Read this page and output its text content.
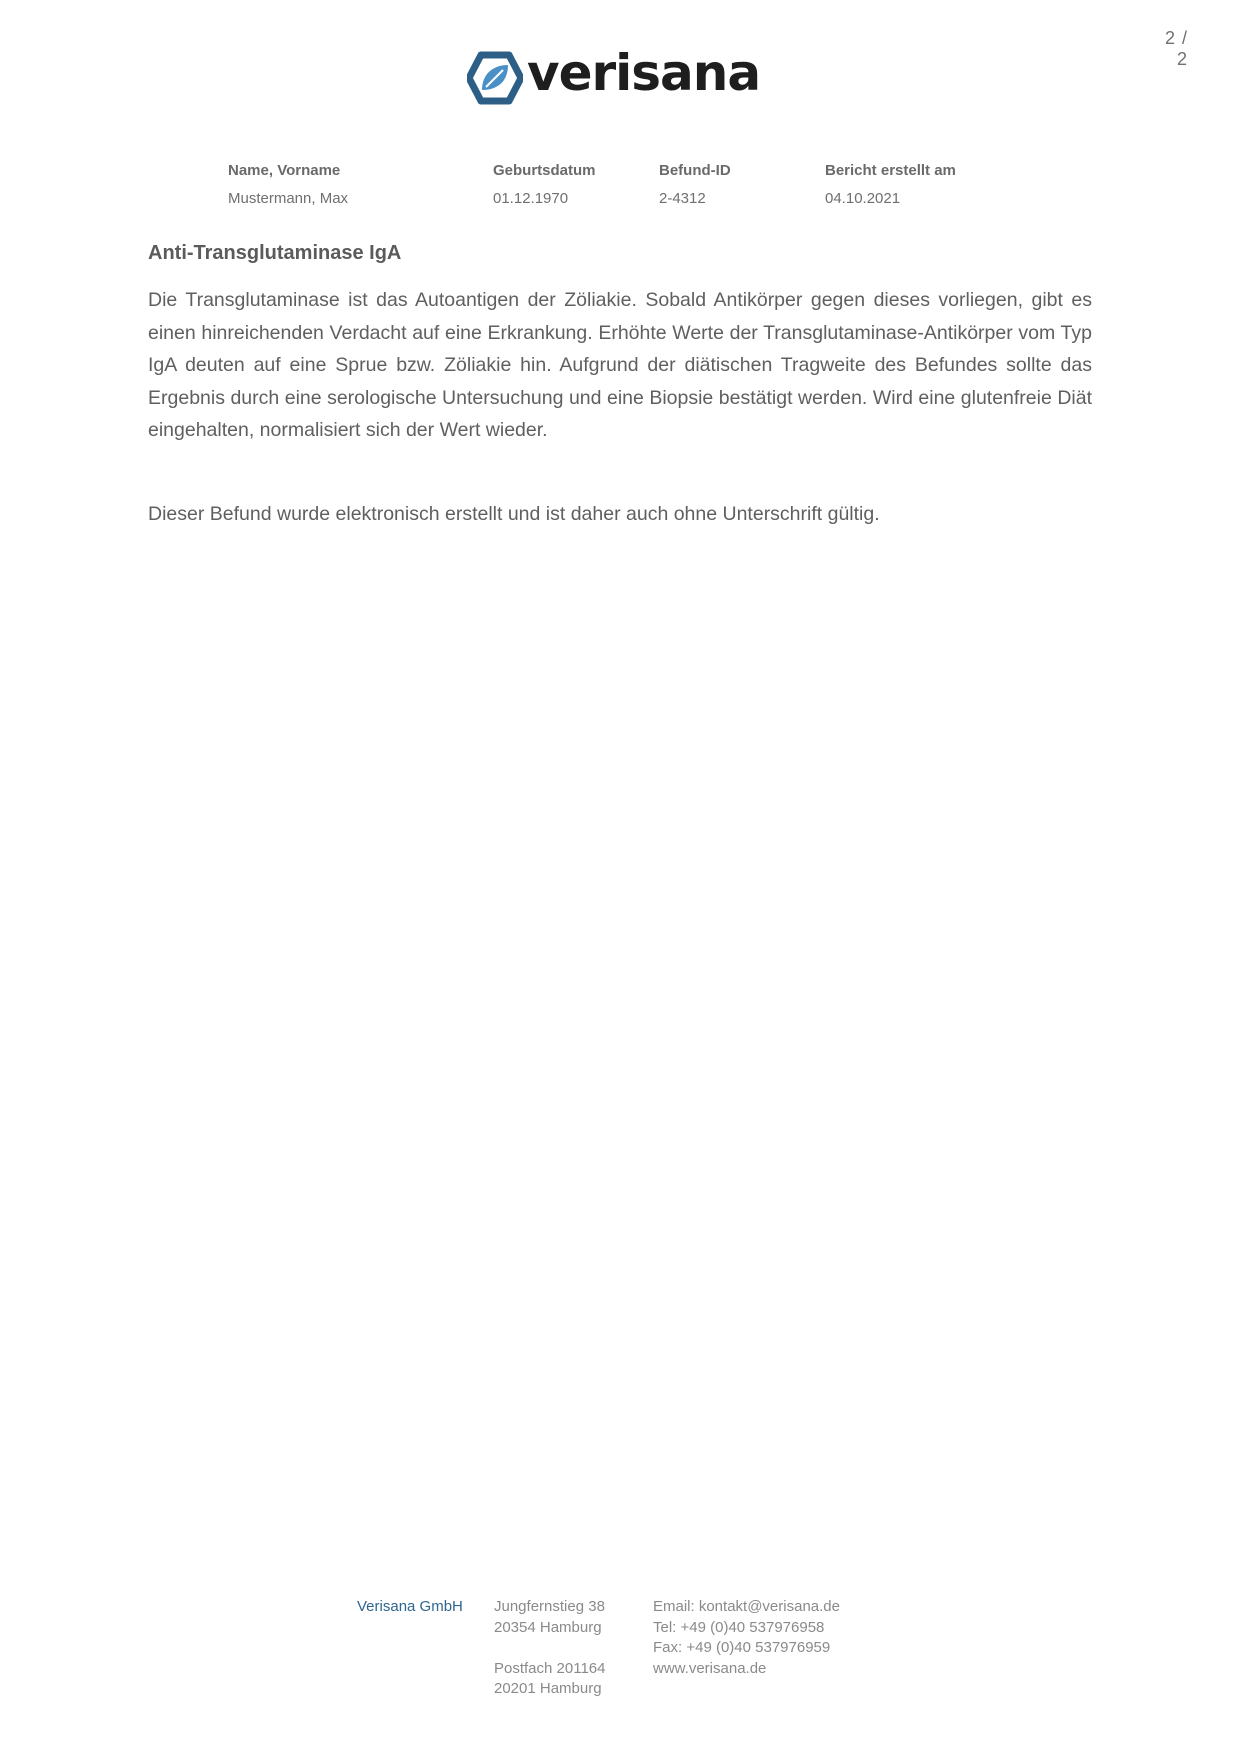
2 / 2
verisana
Name, Vorname
Mustermann, Max
Geburtsdatum
01.12.1970
Befund-ID
2-4312
Bericht erstellt am
04.10.2021
Anti-Transglutaminase IgA
Die Transglutaminase ist das Autoantigen der Zöliakie. Sobald Antikörper gegen dieses vorliegen, gibt es einen hinreichenden Verdacht auf eine Erkrankung. Erhöhte Werte der Transglutaminase-Antikörper vom Typ IgA deuten auf eine Sprue bzw. Zöliakie hin. Aufgrund der diätischen Tragweite des Befundes sollte das Ergebnis durch eine serologische Untersuchung und eine Biopsie bestätigt werden. Wird eine glutenfreie Diät eingehalten, normalisiert sich der Wert wieder.
Dieser Befund wurde elektronisch erstellt und ist daher auch ohne Unterschrift gültig.
Verisana GmbH Jungfernstieg 38
20354 Hamburg
Postfach 201164
20201 Hamburg
Email: kontakt@verisana.de
Tel: +49 (0)40 537976958
Fax: +49 (0)40 537976959
www.verisana.de
